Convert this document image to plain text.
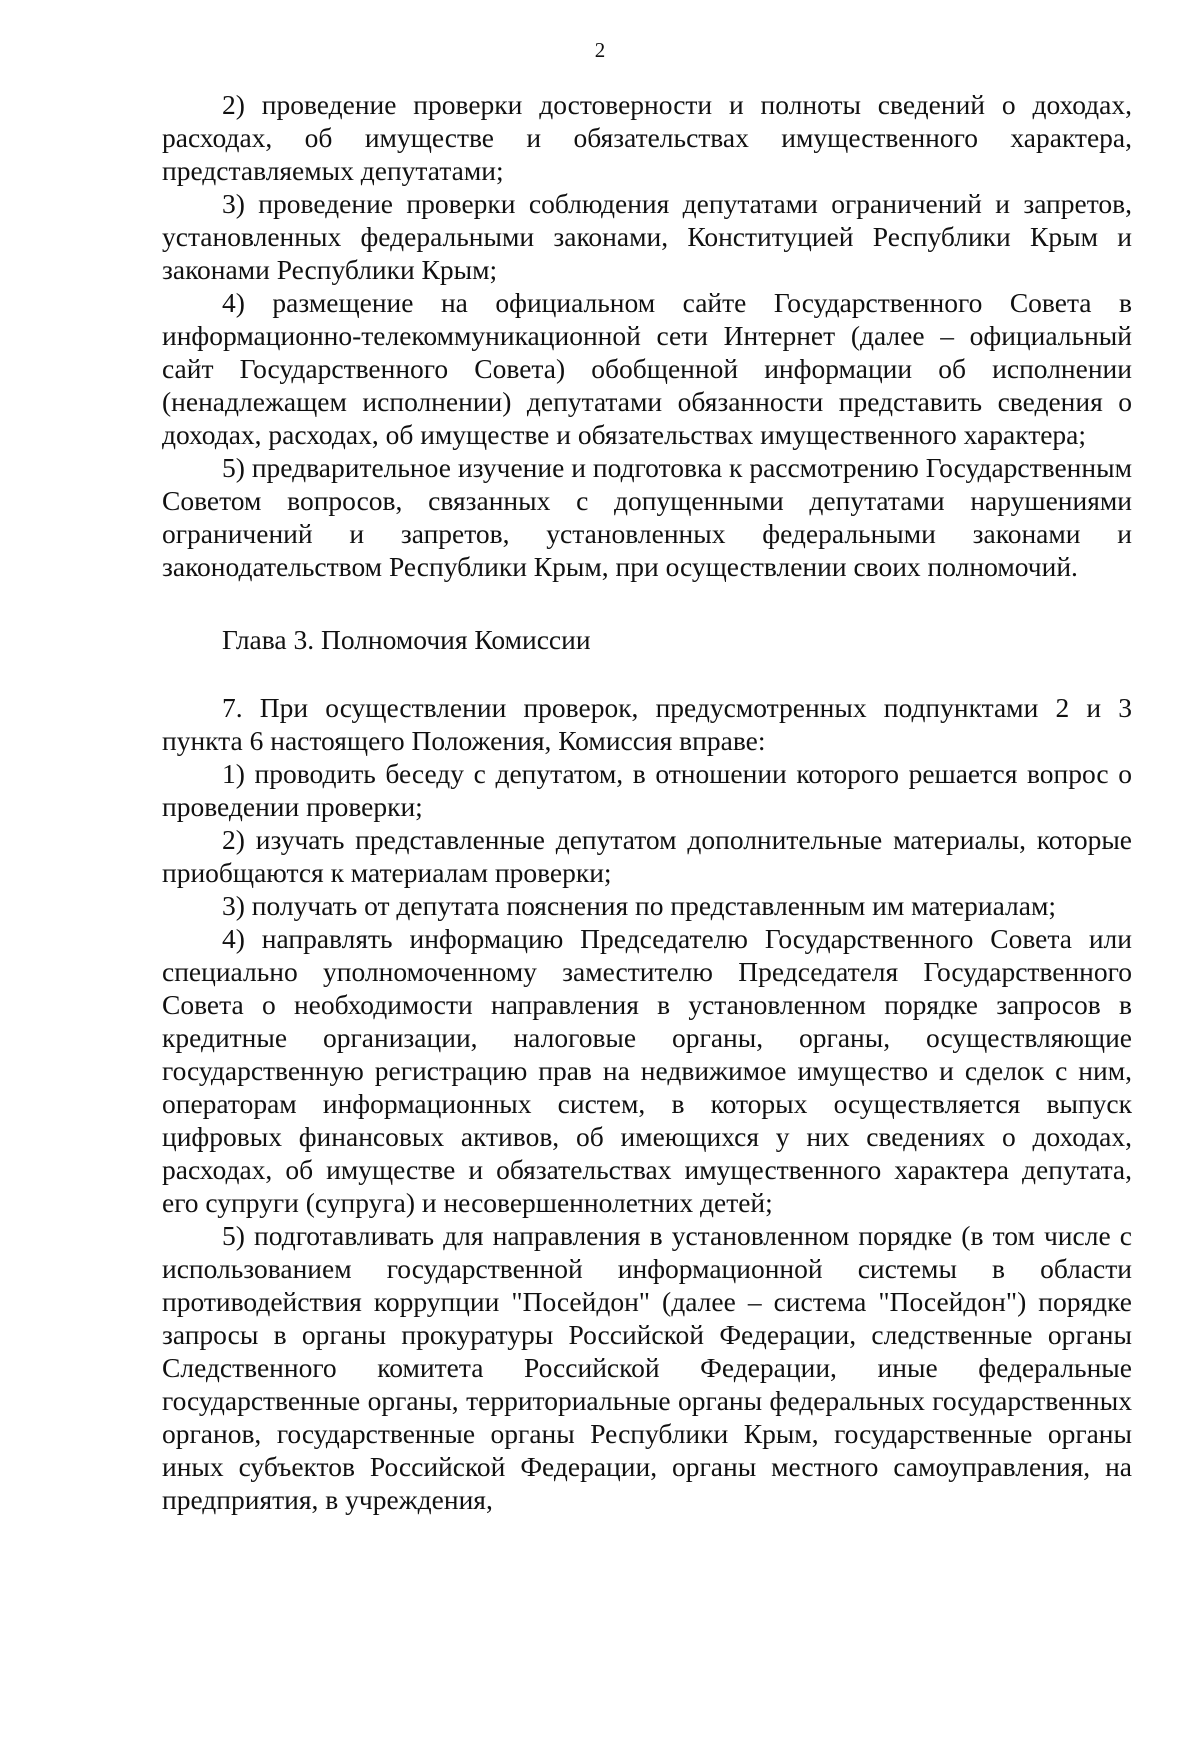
2

2) проведение проверки достоверности и полноты сведений о доходах, расходах, об имуществе и обязательствах имущественного характера, представляемых депутатами;

3) проведение проверки соблюдения депутатами ограничений и запретов, установленных федеральными законами, Конституцией Республики Крым и законами Республики Крым;

4) размещение на официальном сайте Государственного Совета в информационно-телекоммуникационной сети Интернет (далее – официальный сайт Государственного Совета) обобщенной информации об исполнении (ненадлежащем исполнении) депутатами обязанности представить сведения о доходах, расходах, об имуществе и обязательствах имущественного характера;

5) предварительное изучение и подготовка к рассмотрению Государственным Советом вопросов, связанных с допущенными депутатами нарушениями ограничений и запретов, установленных федеральными законами и законодательством Республики Крым, при осуществлении своих полномочий.

Глава 3. Полномочия Комиссии

7. При осуществлении проверок, предусмотренных подпунктами 2 и 3 пункта 6 настоящего Положения, Комиссия вправе:

1) проводить беседу с депутатом, в отношении которого решается вопрос о проведении проверки;

2) изучать представленные депутатом дополнительные материалы, которые приобщаются к материалам проверки;

3) получать от депутата пояснения по представленным им материалам;

4) направлять информацию Председателю Государственного Совета или специально уполномоченному заместителю Председателя Государственного Совета о необходимости направления в установленном порядке запросов в кредитные организации, налоговые органы, органы, осуществляющие государственную регистрацию прав на недвижимое имущество и сделок с ним, операторам информационных систем, в которых осуществляется выпуск цифровых финансовых активов, об имеющихся у них сведениях о доходах, расходах, об имуществе и обязательствах имущественного характера депутата, его супруги (супруга) и несовершеннолетних детей;

5) подготавливать для направления в установленном порядке (в том числе с использованием государственной информационной системы в области противодействия коррупции "Посейдон" (далее – система "Посейдон") порядке запросы в органы прокуратуры Российской Федерации, следственные органы Следственного комитета Российской Федерации, иные федеральные государственные органы, территориальные органы федеральных государственных органов, государственные органы Республики Крым, государственные органы иных субъектов Российской Федерации, органы местного самоуправления, на предприятия, в учреждения,
